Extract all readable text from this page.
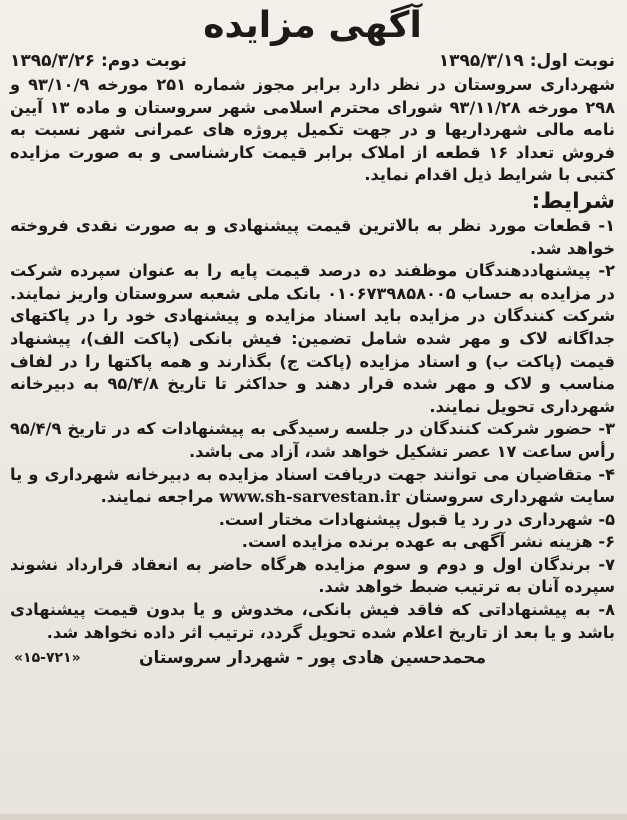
آگهی مزایده
نوبت اول: ۱۳۹۵/۳/۱۹
نوبت دوم: ۱۳۹۵/۳/۲۶

شهرداری سروستان در نظر دارد برابر مجوز شماره ۲۵۱ مورخه ۹۳/۱۰/۹ و ۲۹۸ مورخه ۹۳/۱۱/۲۸ شورای محترم اسلامی شهر سروستان و ماده ۱۳ آیین نامه مالی شهرداریها و در جهت تکمیل پروژه های عمرانی شهر نسبت به فروش تعداد ۱۶ قطعه از املاک برابر قیمت کارشناسی و به صورت مزایده کتبی با شرایط ذیل اقدام نماید.

شرایط:

۱- قطعات مورد نظر به بالاترین قیمت پیشنهادی و به صورت نقدی فروخته خواهد شد.

۲- پیشنهاددهندگان موظفند ده درصد قیمت پایه را به عنوان سپرده شرکت در مزایده به حساب ۰۱۰۶۷۳۹۸۵۸۰۰۵ بانک ملی شعبه سروستان واریز نمایند. شرکت کنندگان در مزایده باید اسناد مزایده و پیشنهادی خود را در پاکتهای جداگانه لاک و مهر شده شامل تضمین: فیش بانکی (پاکت الف)، پیشنهاد قیمت (پاکت ب) و اسناد مزایده (پاکت ج) بگذارند و همه پاکتها را در لفاف مناسب و لاک و مهر شده قرار دهند و حداکثر تا تاریخ ۹۵/۴/۸ به دبیرخانه شهرداری تحویل نمایند.

۳- حضور شرکت کنندگان در جلسه رسیدگی به پیشنهادات که در تاریخ ۹۵/۴/۹ رأس ساعت ۱۷ عصر تشکیل خواهد شد، آزاد می باشد.

۴- متقاضیان می توانند جهت دریافت اسناد مزایده به دبیرخانه شهرداری و یا سایت شهرداری سروستان www.sh-sarvestan.ir مراجعه نمایند.

۵- شهرداری در رد یا قبول پیشنهادات مختار است.

۶- هزینه نشر آگهی به عهده برنده مزایده است.

۷- برندگان اول و دوم و سوم مزایده هرگاه حاضر به انعقاد قرارداد نشوند سپرده آنان به ترتیب ضبط خواهد شد.

۸- به پیشنهاداتی که فاقد فیش بانکی، مخدوش و یا بدون قیمت پیشنهادی باشد و یا بعد از تاریخ اعلام شده تحویل گردد، ترتیب اثر داده نخواهد شد.

محمدحسین هادی پور - شهردار سروستان
«۱۵-۷۲۱»
